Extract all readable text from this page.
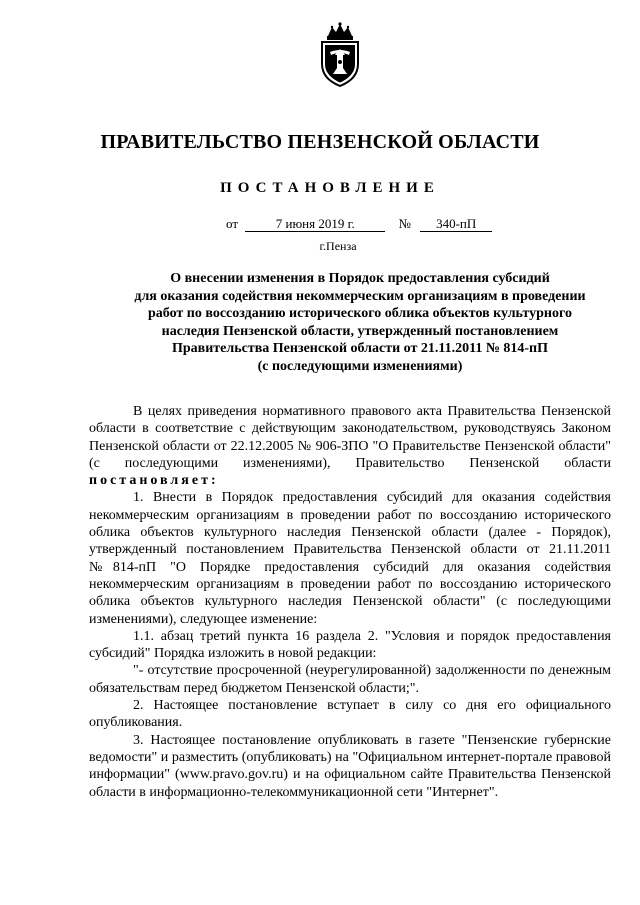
ПРАВИТЕЛЬСТВО ПЕНЗЕНСКОЙ ОБЛАСТИ
ПОСТАНОВЛЕНИЕ
от	7 июня 2019 г.	№ 340-пП
г.Пенза
О внесении изменения в Порядок предоставления субсидий
для оказания содействия некоммерческим организациям в проведении
работ по воссозданию исторического облика объектов культурного
наследия Пензенской области, утвержденный постановлением
Правительства Пензенской области от 21.11.2011 № 814-пП
(с последующими изменениями)

В целях приведения нормативного правового акта Правительства Пензенской области в соответствие с действующим законодательством, руководствуясь Законом Пензенской области от 22.12.2005 № 906-ЗПО "О Правительстве Пензенской области" (с последующими изменениями), Правительство Пензенской области постановляет:

1. Внести в Порядок предоставления субсидий для оказания содействия некоммерческим организациям в проведении работ по воссозданию исторического облика объектов культурного наследия Пензенской области (далее - Порядок), утвержденный постановлением Правительства Пензенской области от 21.11.2011 №814-пП "О Порядке предоставления субсидий для оказания содействия некоммерческим организациям в проведении работ по воссозданию исторического облика объектов культурного наследия Пензенской области" (с последующими изменениями), следующее изменение:

1.1. абзац третий пункта 16 раздела 2. "Условия и порядок предоставления субсидий" Порядка изложить в новой редакции:

"- отсутствие просроченной (неурегулированной) задолженности по денежным обязательствам перед бюджетом Пензенской области;".

2. Настоящее постановление вступает в силу со дня его официального опубликования.

3. Настоящее постановление опубликовать в газете "Пензенские губернские ведомости" и разместить (опубликовать) на "Официальном интернет-портале правовой информации" (www.pravo.gov.ru) и на официальном сайте Правительства Пензенской области в информационно-телекоммуникационной сети "Интернет".
